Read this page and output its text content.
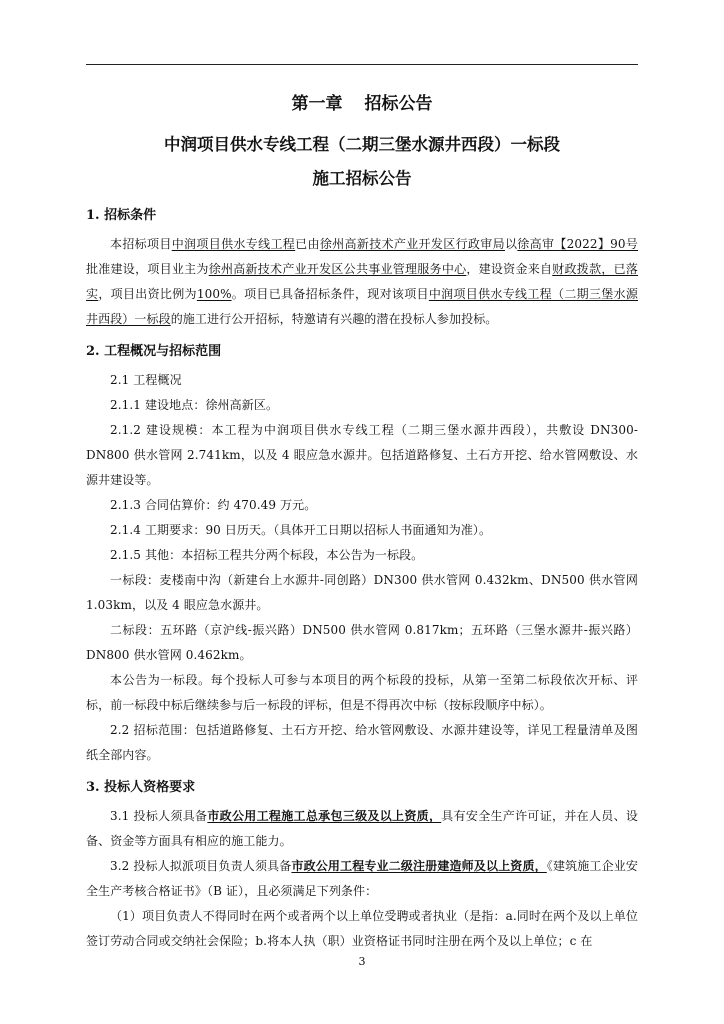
第一章 招标公告
中润项目供水专线工程（二期三堡水源井西段）一标段
施工招标公告
1. 招标条件

本招标项目中润项目供水专线工程已由徐州高新技术产业开发区行政审局以徐高审【2022】90号批准建设，项目业主为徐州高新技术产业开发区公共事业管理服务中心，建设资金来自财政拨款，已落实，项目出资比例为100%。项目已具备招标条件，现对该项目中润项目供水专线工程（二期三堡水源井西段）一标段的施工进行公开招标，特邀请有兴趣的潜在投标人参加投标。

2. 工程概况与招标范围

2.1 工程概况

2.1.1 建设地点：徐州高新区。

2.1.2 建设规模：本工程为中润项目供水专线工程（二期三堡水源井西段），共敷设 DN300-DN800 供水管网 2.741km，以及 4 眼应急水源井。包括道路修复、土石方开挖、给水管网敷设、水源井建设等。

2.1.3 合同估算价：约 470.49 万元。

2.1.4 工期要求：90 日历天。（具体开工日期以招标人书面通知为准）。

2.1.5 其他：本招标工程共分两个标段，本公告为一标段。

一标段：麦楼南中沟（新建台上水源井-同创路）DN300 供水管网 0.432km、DN500 供水管网 1.03km，以及 4 眼应急水源井。

二标段：五环路（京沪线-振兴路）DN500 供水管网 0.817km；五环路（三堡水源井-振兴路）DN800 供水管网 0.462km。

本公告为一标段。每个投标人可参与本项目的两个标段的投标，从第一至第二标段依次开标、评标，前一标段中标后继续参与后一标段的评标，但是不得再次中标（按标段顺序中标）。

2.2 招标范围：包括道路修复、土石方开挖、给水管网敷设、水源井建设等，详见工程量清单及图纸全部内容。

3. 投标人资格要求

3.1 投标人须具备市政公用工程施工总承包三级及以上资质，具有安全生产许可证，并在人员、设备、资金等方面具有相应的施工能力。

3.2 投标人拟派项目负责人须具备市政公用工程专业二级注册建造师及以上资质，《建筑施工企业安全生产考核合格证书》（B 证），且必须满足下列条件：

（1）项目负责人不得同时在两个或者两个以上单位受聘或者执业（是指：a.同时在两个及以上单位签订劳动合同或交纳社会保险；b.将本人执（职）业资格证书同时注册在两个及以上单位；c 在

3
